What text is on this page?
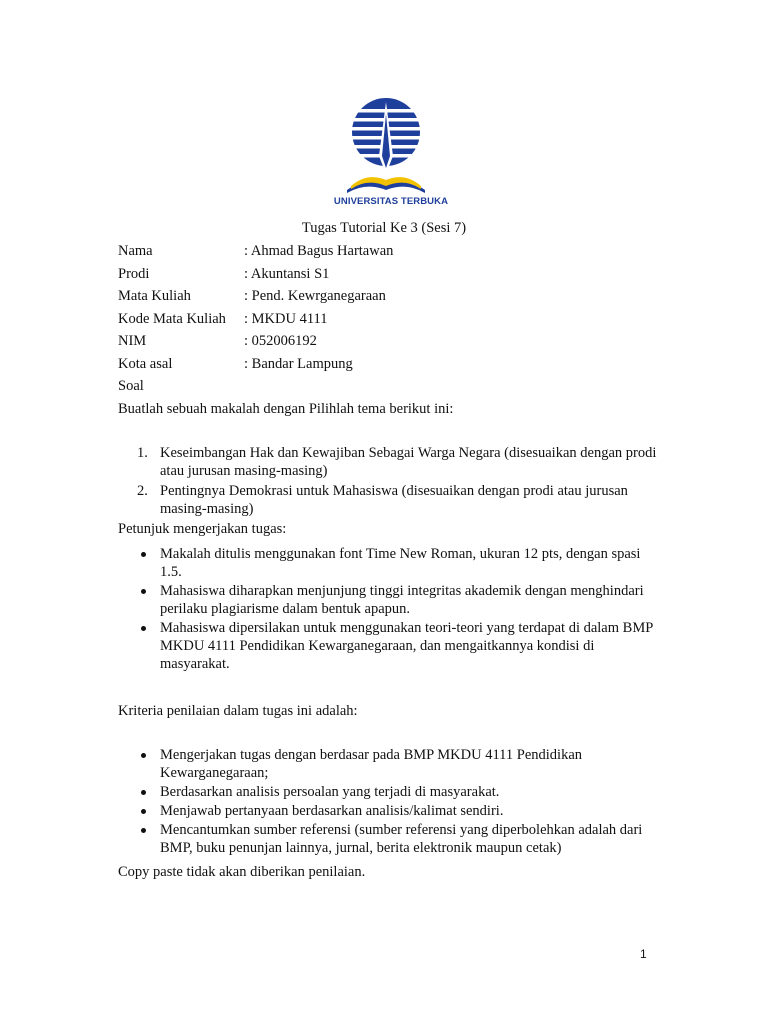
UNIVERSITAS TERBUKA
Tugas Tutorial Ke 3 (Sesi 7)
Nama	: Ahmad Bagus Hartawan
Prodi	: Akuntansi S1
Mata Kuliah	: Pend. Kewrganegaraan
Kode Mata Kuliah : MKDU 4111
NIM	: 052006192
Kota asal	: Bandar Lampung
Soal
Buatlah sebuah makalah dengan Pilihlah tema berikut ini:
1. Keseimbangan Hak dan Kewajiban Sebagai Warga Negara (disesuaikan dengan prodi atau jurusan masing-masing)
2. Pentingnya Demokrasi untuk Mahasiswa (disesuaikan dengan prodi atau jurusan masing-masing)
Petunjuk mengerjakan tugas:
Makalah ditulis menggunakan font Time New Roman, ukuran 12 pts, dengan spasi 1.5.
Mahasiswa diharapkan menjunjung tinggi integritas akademik dengan menghindari perilaku plagiarisme dalam bentuk apapun.
Mahasiswa dipersilakan untuk menggunakan teori-teori yang terdapat di dalam BMP MKDU 4111 Pendidikan Kewarganegaraan, dan mengaitkannya kondisi di masyarakat.
Kriteria penilaian dalam tugas ini adalah:
Mengerjakan tugas dengan berdasar pada BMP MKDU 4111 Pendidikan Kewarganegaraan;
Berdasarkan analisis persoalan yang terjadi di masyarakat.
Menjawab pertanyaan berdasarkan analisis/kalimat sendiri.
Mencantumkan sumber referensi (sumber referensi yang diperbolehkan adalah dari BMP, buku penunjan lainnya, jurnal, berita elektronik maupun cetak)
Copy paste tidak akan diberikan penilaian.
1
